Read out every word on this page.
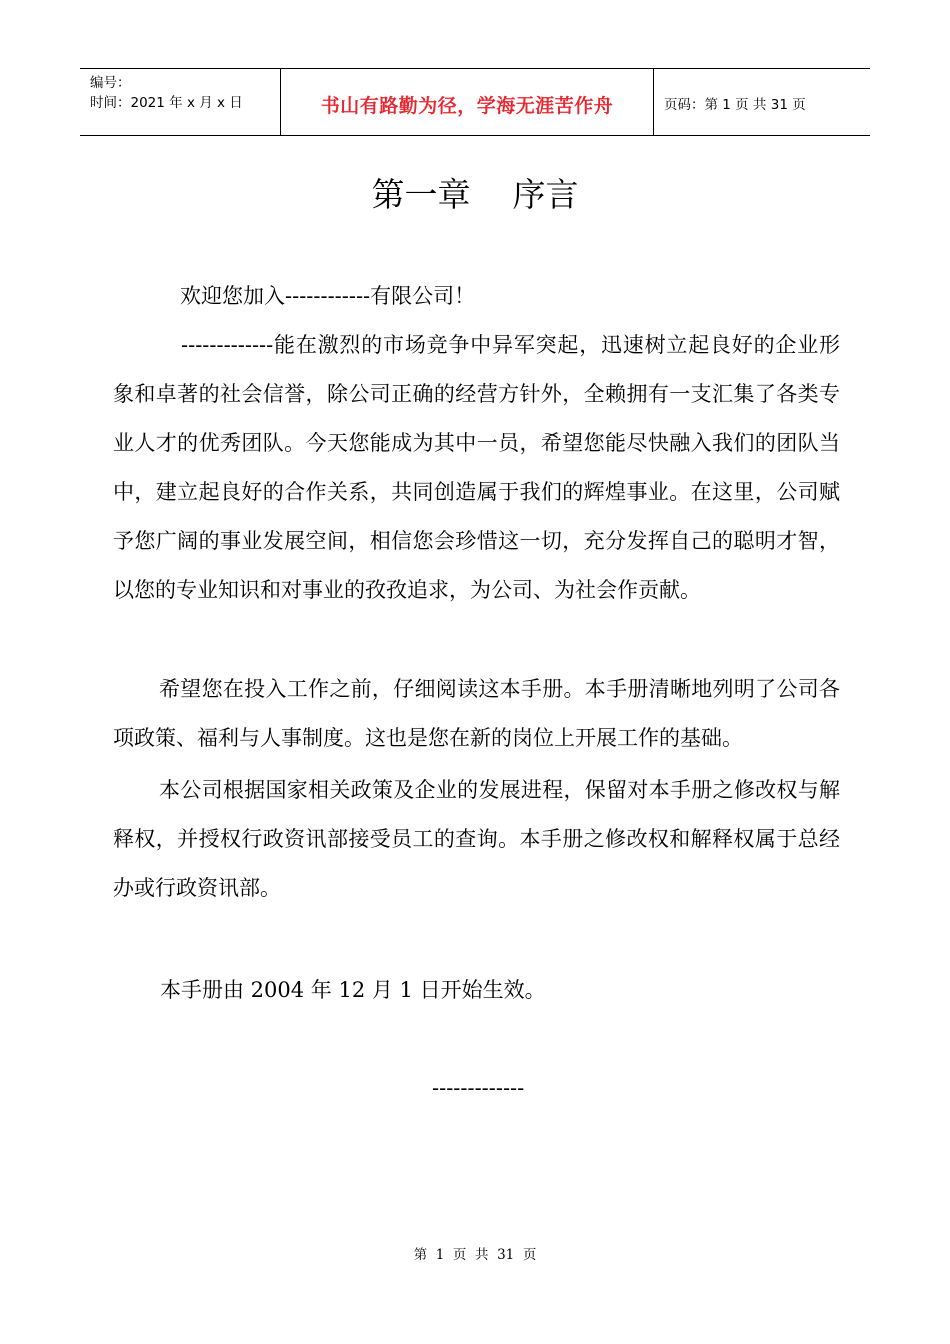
编号：
时间：2021 年 x 月 x 日	书山有路勤为径，学海无涯苦作舟	页码：第 1 页 共 31 页
第一章    序言
欢迎您加入------------有限公司！

-------------能在激烈的市场竞争中异军突起，迅速树立起良好的企业形象和卓著的社会信誉，除公司正确的经营方针外，全赖拥有一支汇集了各类专业人才的优秀团队。今天您能成为其中一员，希望您能尽快融入我们的团队当中，建立起良好的合作关系，共同创造属于我们的辉煌事业。在这里，公司赋予您广阔的事业发展空间，相信您会珍惜这一切，充分发挥自己的聪明才智，以您的专业知识和对事业的孜孜追求，为公司、为社会作贡献。

希望您在投入工作之前，仔细阅读这本手册。本手册清晰地列明了公司各项政策、福利与人事制度。这也是您在新的岗位上开展工作的基础。

本公司根据国家相关政策及企业的发展进程，保留对本手册之修改权与解释权，并授权行政资讯部接受员工的查询。本手册之修改权和解释权属于总经办或行政资讯部。

本手册由 2004 年 12 月 1 日开始生效。
-------------
第  1  页  共  31  页
